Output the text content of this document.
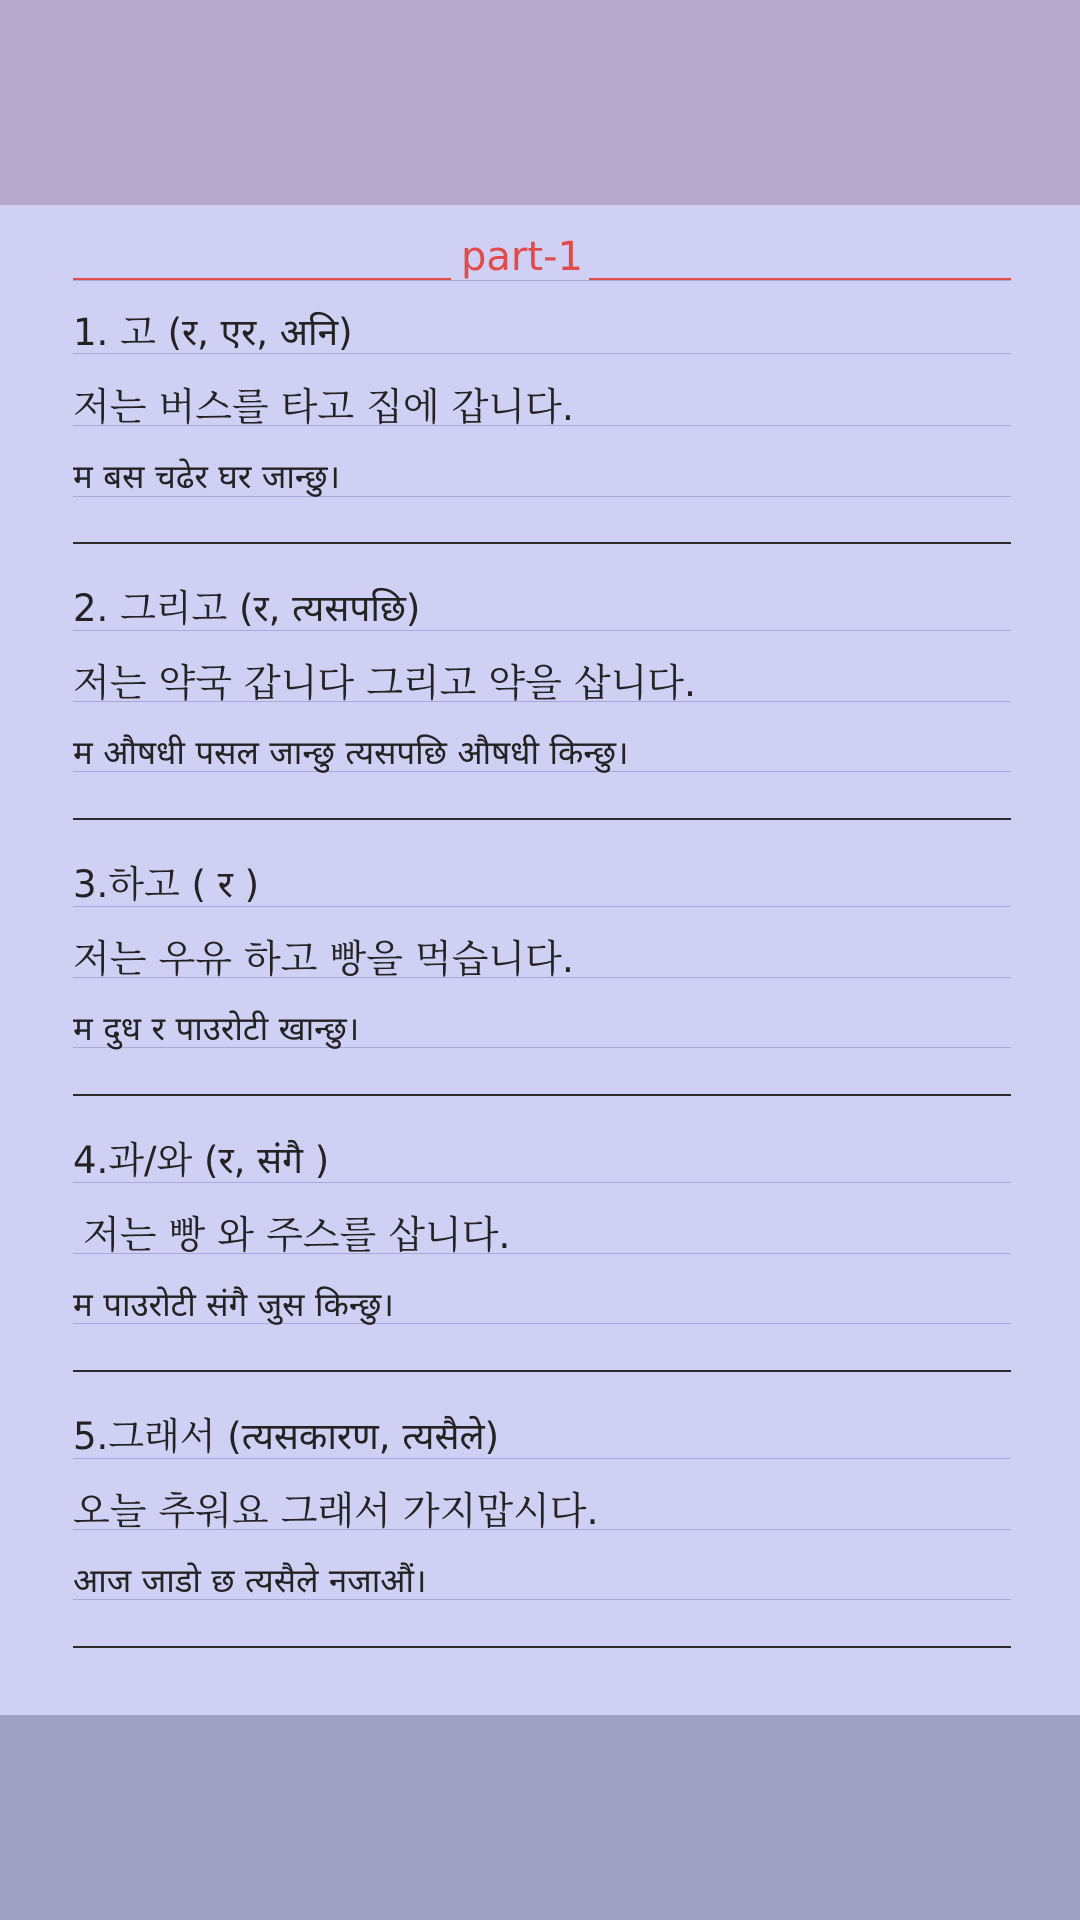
part-1
1. 고 (र, एर, अनि)
저는 버스를 타고 집에 갑니다.
म बस चढेर घर जान्छु।
2. 그리고 (र, त्यसपछि)
저는 약국 갑니다 그리고 약을 삽니다.
म औषधी पसल जान्छु त्यसपछि औषधी किन्छु।
3.하고 ( र )
저는 우유 하고 빵을 먹습니다.
म दुध र पाउरोटी खान्छु।
4.과/와 (र, संगै )
저는 빵 와 주스를 삽니다.
म पाउरोटी संगै जुस किन्छु।
5.그래서 (त्यसकारण, त्यसैले)
오늘 추워요 그래서 가지맙시다.
आज जाडो छ त्यसैले नजाऔं।
